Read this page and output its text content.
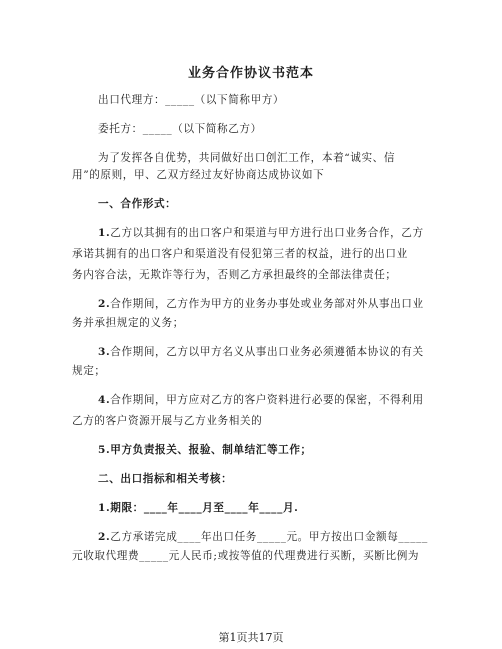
业务合作协议书范本
出口代理方：_____（以下简称甲方）
委托方：_____（以下简称乙方）
为了发挥各自优势，共同做好出口创汇工作，本着“诚实、信
用”的原则，甲、乙双方经过友好协商达成协议如下
一、合作形式：
1.乙方以其拥有的出口客户和渠道与甲方进行出口业务合作，乙方
承诺其拥有的出口客户和渠道没有侵犯第三者的权益，进行的出口业
务内容合法，无欺诈等行为，否则乙方承担最终的全部法律责任；
2.合作期间，乙方作为甲方的业务办事处或业务部对外从事出口业
务并承担规定的义务；
3.合作期间，乙方以甲方名义从事出口业务必须遵循本协议的有关
规定；
4.合作期间，甲方应对乙方的客户资料进行必要的保密，不得利用
乙方的客户资源开展与乙方业务相关的
5.甲方负责报关、报验、制单结汇等工作；
二、出口指标和相关考核：
1.期限：____年____月至____年____月.
2.乙方承诺完成____年出口任务_____元。甲方按出口金额每_____
元收取代理费_____元人民币;或按等值的代理费进行买断，买断比例为
第1页共17页
